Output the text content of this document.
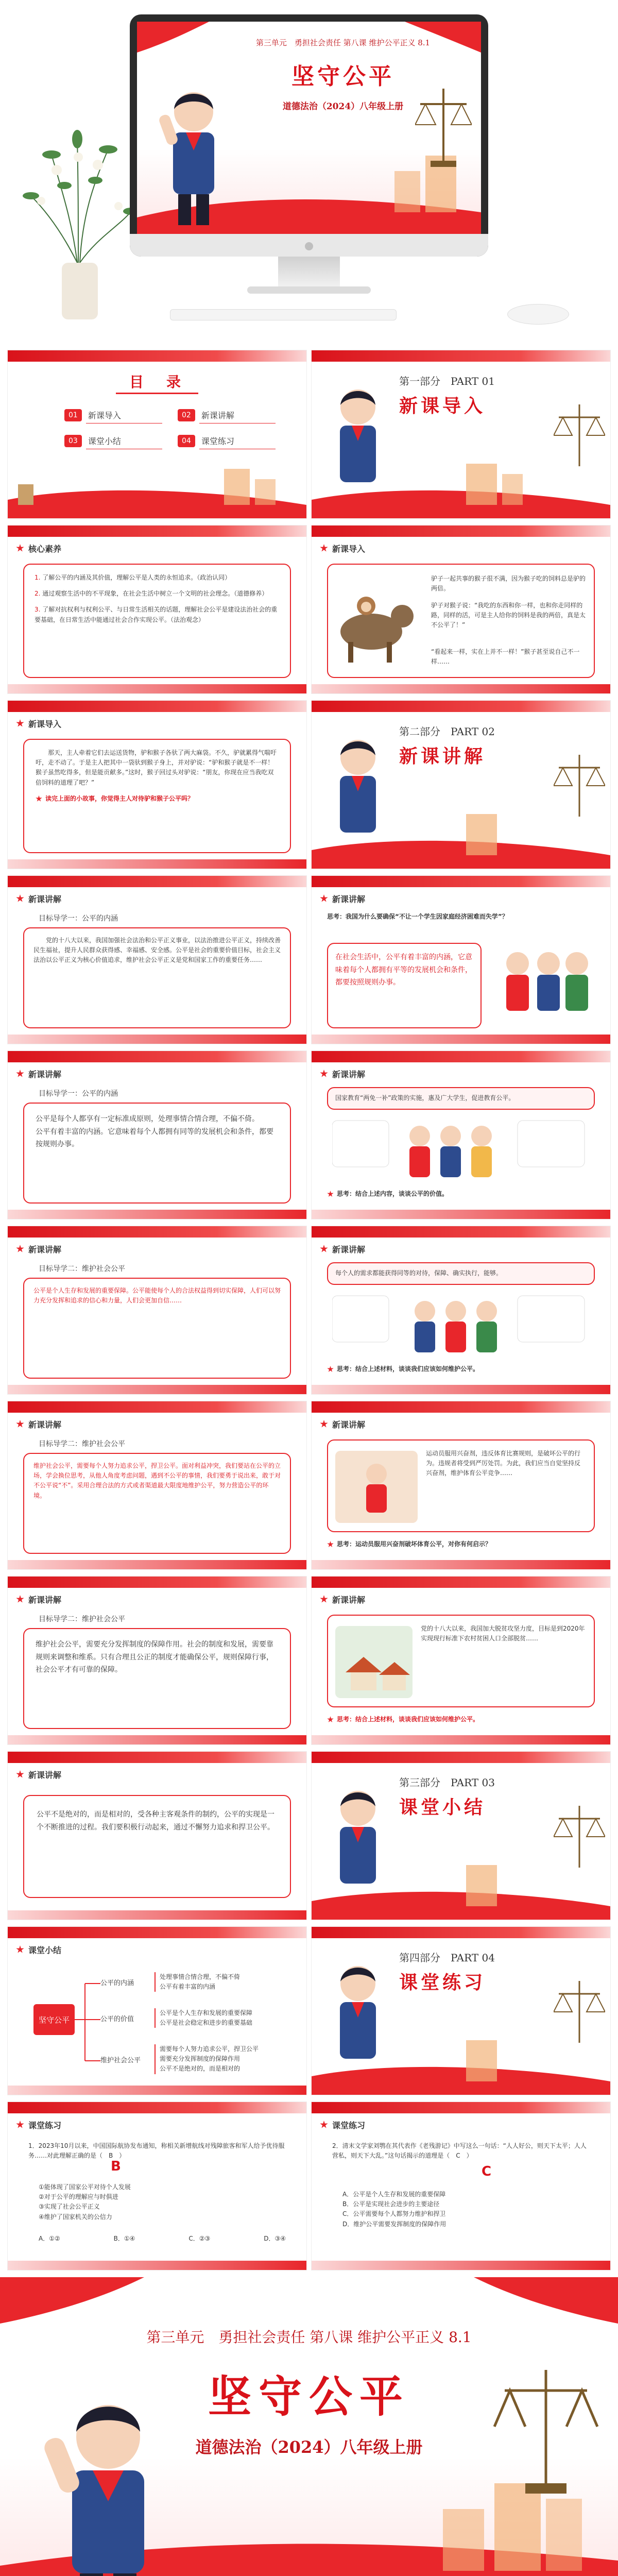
第三单元　勇担社会责任 第八课 维护公平正义 8.1
坚守公平
道德法治（2024）八年级上册
目　录
01	新课导入	02	新课讲解
03	课堂小结	04	课堂练习
第一部分　 PART 01
新课导入
核心素养
1. 了解公平的内涵及其价值，理解公平是人类的永恒追求。（政治认同）
2. 通过观察生活中的不平现象，在社会生活中树立一个文明的社会理念。（道德修养）
3. 了解对抗权利与权利公平、与日常生活相关的话题，理解社会公平是建设法治社会的重要基础，在日常生活中能通过社会合作实现公平。（法治观念）
新课导入
驴子一起共事的猴子很不满，因为猴子吃的饲料总是驴的两倍。
驴子对猴子说：“我吃的东西和你一样，也和你走同样的路，同样的活，可是主人给你的饲料是我的两倍，真是太不公平了！”
“看起来一样，实在上并不一样！”猴子甚至说自己不一样……
新课导入
那天，主人牵着它们去运送货物，驴和猴子各驮了两大麻袋。不久，驴就累得气喘吁吁，走不动了。于是主人把其中一袋驮到猴子身上，并对驴说：“驴和猴子就是不一样！猴子虽然吃得多，但是能贡献多。”这时，猴子回过头对驴说：“朋友，你现在应当我吃双倍饲料的道理了吧？”
读完上面的小故事，你觉得主人对待驴和猴子公平吗？
第二部分　 PART 02
新课讲解
新课讲解
目标导学一：公平的内涵
党的十八大以来，我国加强社会法治和公平正义事业，以法治推进公平正义，持续改善民生福祉，提升人民群众获得感、幸福感、安全感。公平是社会的重要价值目标，社会主义法治以公平正义为核心价值追求，维护社会公平正义是党和国家工作的重要任务……
新课讲解
思考：我国为什么要确保“不让一个学生因家庭经济困难而失学”？
在社会生活中，公平有着丰富的内涵，它意味着每个人都拥有平等的发展机会和条件，都要按照规则办事。
新课讲解
目标导学一：公平的内涵
公平是每个人都享有一定标准成原则，处理事情合情合理，不偏不倚。
公平有着丰富的内涵。它意味着每个人都拥有同等的发展机会和条件，都要按规则办事。
新课讲解
国家教育“两免一补”政策的实施，惠及广大学生，促进教育公平。
思考：结合上述内容，谈谈公平的价值。
新课讲解
目标导学二：维护社会公平
公平是个人生存和发展的重要保障。公平能使每个人的合法权益得到切实保障，人们可以努力充分发挥和追求的信心和力量，人们会更加自信……
新课讲解
每个人的需求都能获得同等的对待，保障、确实执行，能够。
思考：结合上述材料，谈谈我们应该如何维护公平。
新课讲解
目标导学二：维护社会公平
维护社会公平，需要每个人努力追求公平，捍卫公平。面对利益冲突，我们要站在公平的立场，学会换位思考，从他人角度考虑问题，遇到不公平的事情，我们要勇于说出来，敢于对不公平说“不”。采用合理合法的方式或者渠道最大限度地维护公平，努力营造公平的环境。
新课讲解
运动员服用兴奋剂，违反体育比赛规则，是破坏公平的行为。违规者将受到严厉处罚。为此，我们应当自觉坚持反兴奋剂，维护体育公平竞争……
思考：运动员服用兴奋剂破坏体育公平，对你有何启示？
新课讲解
目标导学二：维护社会公平
维护社会公平，需要充分发挥制度的保障作用。社会的制度和发展，需要靠规则来调整和维系。只有合理且公正的制度才能确保公平，规则保障行事，社会公平才有可靠的保障。
新课讲解
党的十八大以来，我国加大脱贫攻坚力度，目标是到2020年实现现行标准下农村贫困人口全部脱贫……
思考：结合上述材料，谈谈我们应该如何维护公平。
新课讲解
公平不是绝对的，而是相对的，受各种主客观条件的制约，公平的实现是一个不断推进的过程。我们要积极行动起来，通过不懈努力追求和捍卫公平。
第三部分　 PART 03
课堂小结
课堂小结
坚守公平
公平的内涵
处理事情合情合理，不偏不倚
公平有着丰富的内涵
公平的价值
公平是个人生存和发展的重要保障
公平是社会稳定和进步的重要基础
维护社会公平
需要每个人努力追求公平，捍卫公平
需要充分发挥制度的保障作用
公平不是绝对的，而是相对的
第四部分　 PART 04
课堂练习
课堂练习
1．2023年10月以来，中国国际航协发布通知，称相关新增航线对残障旅客和军人给予优待服务……对此理解正确的是（　B　）
B
①能体现了国家公平对待个人发展
②对于公平的理解应与时俱进
③实现了社会公平正义
④维护了国家机关的公信力
A．①②	B．①④	C．②③	D．③④
课堂练习
2．清末文学家刘鹗在其代表作《老残游记》中写这么一句话：“人人好公，则天下太平；人人营私，则天下大乱。”这句话揭示的道理是（　C　）
C
A．公平是个人生存和发展的重要保障
B．公平是实现社会进步的主要途径
C．公平需要每个人都努力维护和捍卫
D．维护公平需要发挥制度的保障作用
第三单元　勇担社会责任 第八课 维护公平正义 8.1
坚守公平
道德法治（2024）八年级上册
